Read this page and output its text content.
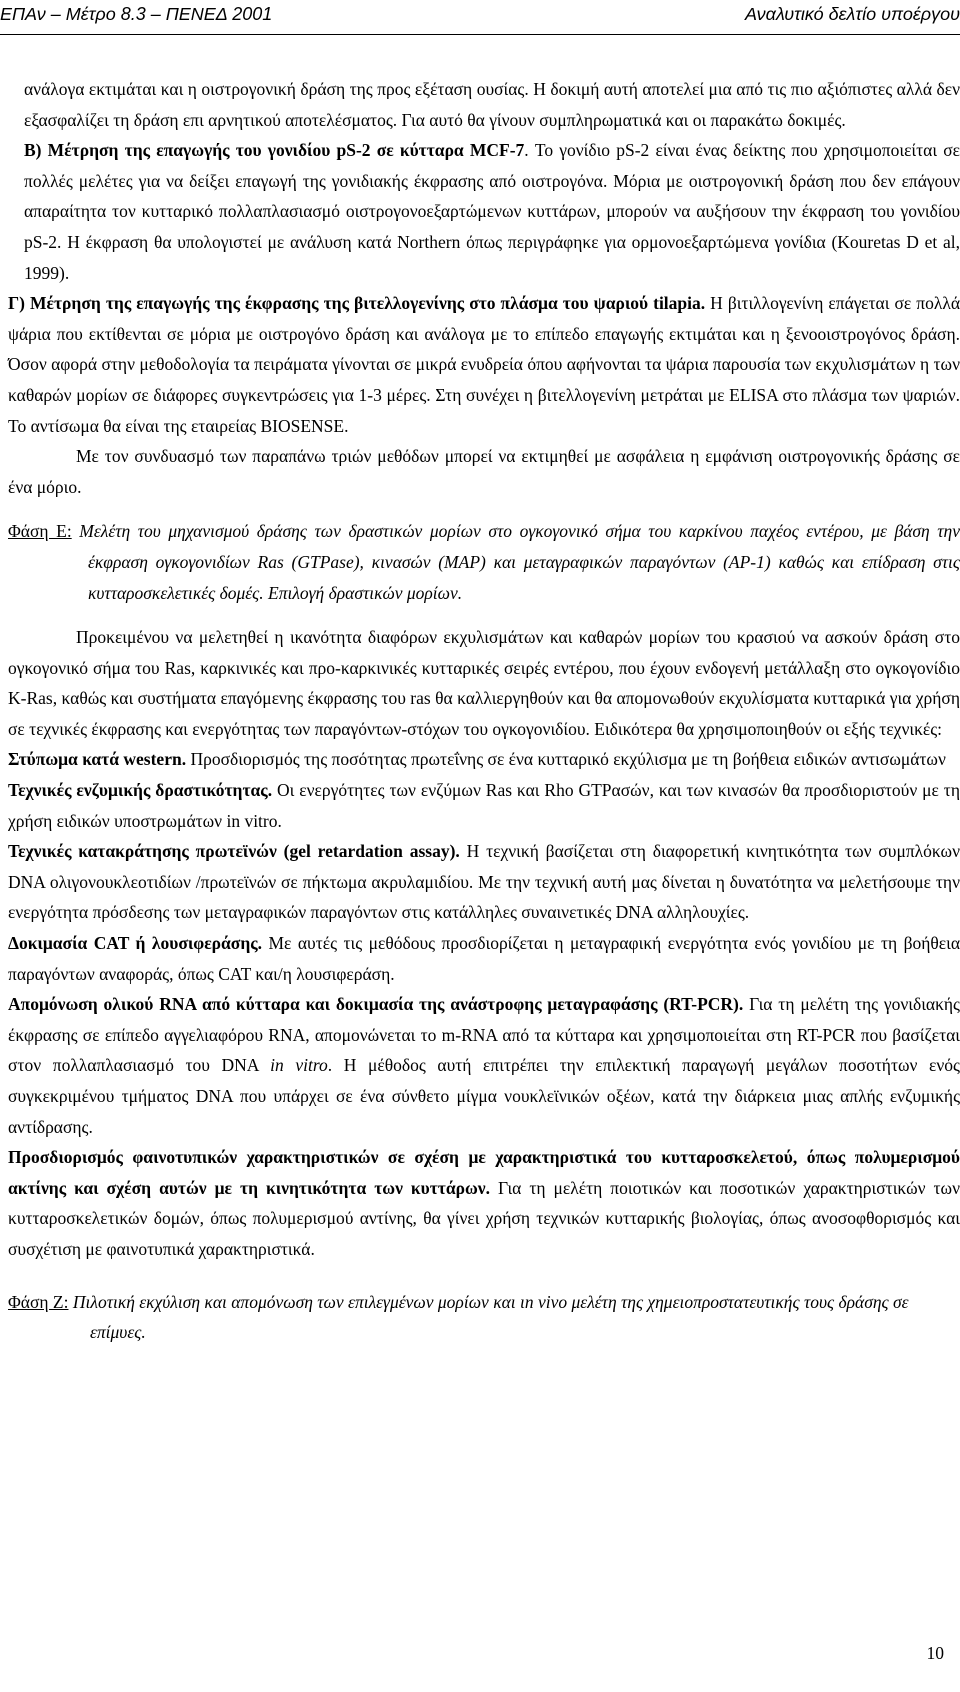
ΕΠΑν – Μέτρο 8.3 – ΠΕΝΕΔ 2001	Αναλυτικό δελτίο υποέργου

ανάλογα εκτιμάται και η οιστρογονική δράση της προς εξέταση ουσίας. Η δοκιμή αυτή αποτελεί μια από τις πιο αξιόπιστες αλλά δεν εξασφαλίζει τη δράση επι αρνητικού αποτελέσματος. Για αυτό θα γίνουν συμπληρωματικά και οι παρακάτω δοκιμές.

Β) Μέτρηση της επαγωγής του γονιδίου pS-2 σε κύτταρα MCF-7. Το γονίδιο pS-2 είναι ένας δείκτης που χρησιμοποιείται σε πολλές μελέτες για να δείξει επαγωγή της γονιδιακής έκφρασης από οιστρογόνα. Μόρια με οιστρογονική δράση που δεν επάγουν απαραίτητα τον κυτταρικό πολλαπλασιασμό οιστρογονοεξαρτώμενων κυττάρων, μπορούν να αυξήσουν την έκφραση του γονιδίου pS-2. Η έκφραση θα υπολογιστεί με ανάλυση κατά Northern όπως περιγράφηκε για ορμονοεξαρτώμενα γονίδια (Kouretas D et al, 1999).

Γ) Μέτρηση της επαγωγής της έκφρασης της βιτελλογενίνης στο πλάσμα του ψαριού tilapia. Η βιτιλλογενίνη επάγεται σε πολλά ψάρια που εκτίθενται σε μόρια με οιστρογόνο δράση και ανάλογα με το επίπεδο επαγωγής εκτιμάται και η ξενοοιστρογόνος δράση. Όσον αφορά στην μεθοδολογία τα πειράματα γίνονται σε μικρά ενυδρεία όπου αφήνονται τα ψάρια παρουσία των εκχυλισμάτων η των καθαρών μορίων σε διάφορες συγκεντρώσεις για 1-3 μέρες. Στη συνέχει η βιτελλογενίνη μετράται με ELISA στο πλάσμα των ψαριών. Το αντίσωμα θα είναι της εταιρείας BIOSENSE.

Με τον συνδυασμό των παραπάνω τριών μεθόδων μπορεί να εκτιμηθεί με ασφάλεια η εμφάνιση οιστρογονικής δράσης σε ένα μόριο.

Φάση Ε: Μελέτη του μηχανισμού δράσης των δραστικών μορίων στο ογκογονικό σήμα του καρκίνου παχέος εντέρου, με βάση την έκφραση ογκογονιδίων Ras (GTPase), κινασών (MAP) και μεταγραφικών παραγόντων (AP-1) καθώς και επίδραση στις κυτταροσκελετικές δομές. Επιλογή δραστικών μορίων.

Προκειμένου να μελετηθεί η ικανότητα διαφόρων εκχυλισμάτων και καθαρών μορίων του κρασιού να ασκούν δράση στο ογκογονικό σήμα του Ras, καρκινικές και προ-καρκινικές κυτταρικές σειρές εντέρου, που έχουν ενδογενή μετάλλαξη στο ογκογονίδιο K-Ras, καθώς και συστήματα επαγόμενης έκφρασης του ras θα καλλιεργηθούν και θα απομονωθούν εκχυλίσματα κυτταρικά για χρήση σε τεχνικές έκφρασης και ενεργότητας των παραγόντων-στόχων του ογκογονιδίου. Ειδικότερα θα χρησιμοποιηθούν οι εξής τεχνικές:

Στύπωμα κατά western. Προσδιορισμός της ποσότητας πρωτεΐνης σε ένα κυτταρικό εκχύλισμα με τη βοήθεια ειδικών αντισωμάτων

Τεχνικές ενζυμικής δραστικότητας. Οι ενεργότητες των ενζύμων Ras και Rho GTPασών, και των κινασών θα προσδιοριστούν με τη χρήση ειδικών υποστρωμάτων in vitro.

Τεχνικές κατακράτησης πρωτεϊνών (gel retardation assay). Η τεχνική βασίζεται στη διαφορετική κινητικότητα των συμπλόκων DNA ολιγονουκλεοτιδίων /πρωτεϊνών σε πήκτωμα ακρυλαμιδίου. Με την τεχνική αυτή μας δίνεται η δυνατότητα να μελετήσουμε την ενεργότητα πρόσδεσης των μεταγραφικών παραγόντων στις κατάλληλες συναινετικές DNA αλληλουχίες.

Δοκιμασία CAT ή λουσιφεράσης. Με αυτές τις μεθόδους προσδιορίζεται η μεταγραφική ενεργότητα ενός γονιδίου με τη βοήθεια παραγόντων αναφοράς, όπως CAT και/η λουσιφεράση.

Απομόνωση ολικού RNA από κύτταρα και δοκιμασία της ανάστροφης μεταγραφάσης (RT-PCR). Για τη μελέτη της γονιδιακής έκφρασης σε επίπεδο αγγελιαφόρου RNA, απομονώνεται το m-RNA από τα κύτταρα και χρησιμοποιείται στη RT-PCR που βασίζεται στον πολλαπλασιασμό του DNA in vitro. Η μέθοδος αυτή επιτρέπει την επιλεκτική παραγωγή μεγάλων ποσοτήτων ενός συγκεκριμένου τμήματος DNA που υπάρχει σε ένα σύνθετο μίγμα νουκλεϊνικών οξέων, κατά την διάρκεια μιας απλής ενζυμικής αντίδρασης.

Προσδιορισμός φαινοτυπικών χαρακτηριστικών σε σχέση με χαρακτηριστικά του κυτταροσκελετού, όπως πολυμερισμού ακτίνης και σχέση αυτών με τη κινητικότητα των κυττάρων. Για τη μελέτη ποιοτικών και ποσοτικών χαρακτηριστικών των κυτταροσκελετικών δομών, όπως πολυμερισμού αντίνης, θα γίνει χρήση τεχνικών κυτταρικής βιολογίας, όπως ανοσοφθορισμός και συσχέτιση με φαινοτυπικά χαρακτηριστικά.

Φάση Ζ: Πιλοτική εκχύλιση και απομόνωση των επιλεγμένων μορίων και ιn vivo μελέτη της χημειοπροστατευτικής τους δράσης σε επίμυες.

10
